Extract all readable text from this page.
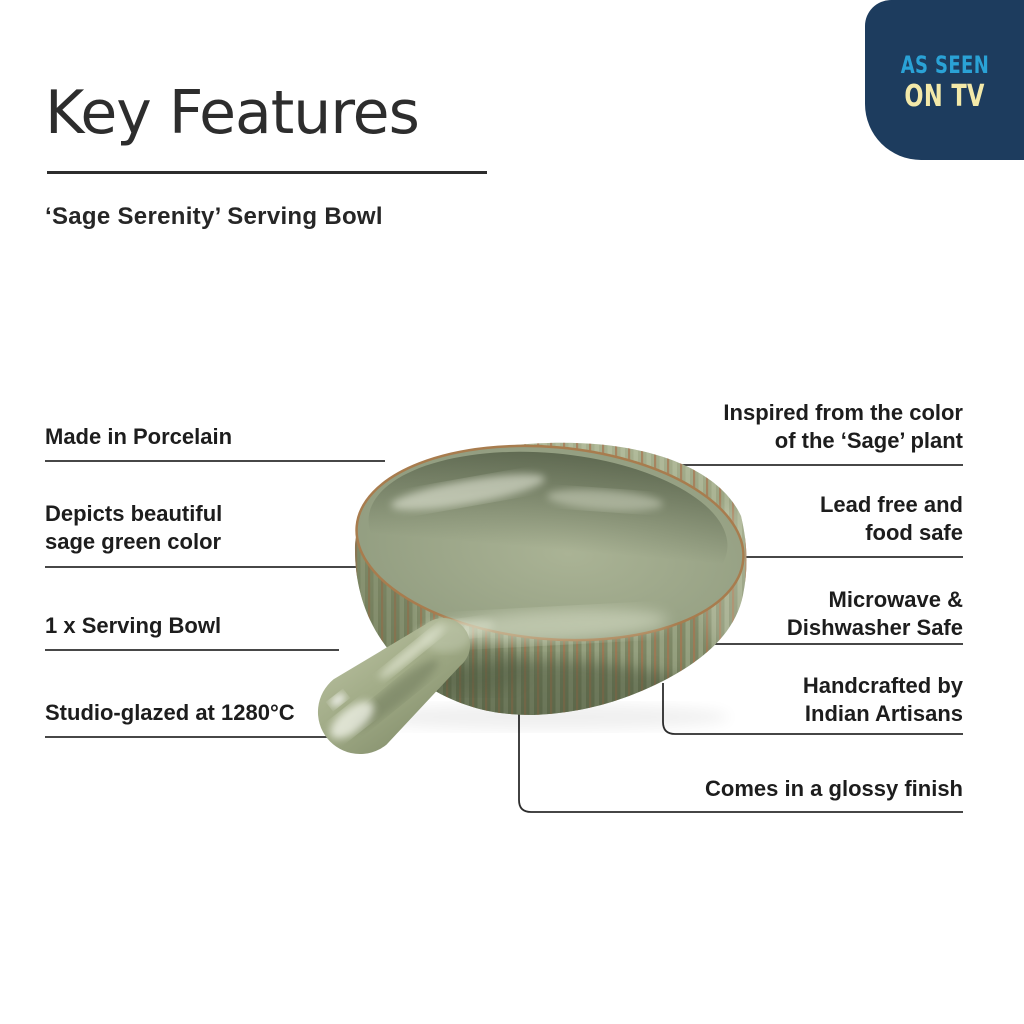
AS SEEN
ON TV
Key Features
‘Sage Serenity’ Serving Bowl
Made in Porcelain
Depicts beautiful
sage green color
1 x Serving Bowl
Studio-glazed at 1280°C
Inspired from the color
of the ‘Sage’ plant
Lead free and
food safe
Microwave &
Dishwasher Safe
Handcrafted by
Indian Artisans
Comes in a glossy finish
